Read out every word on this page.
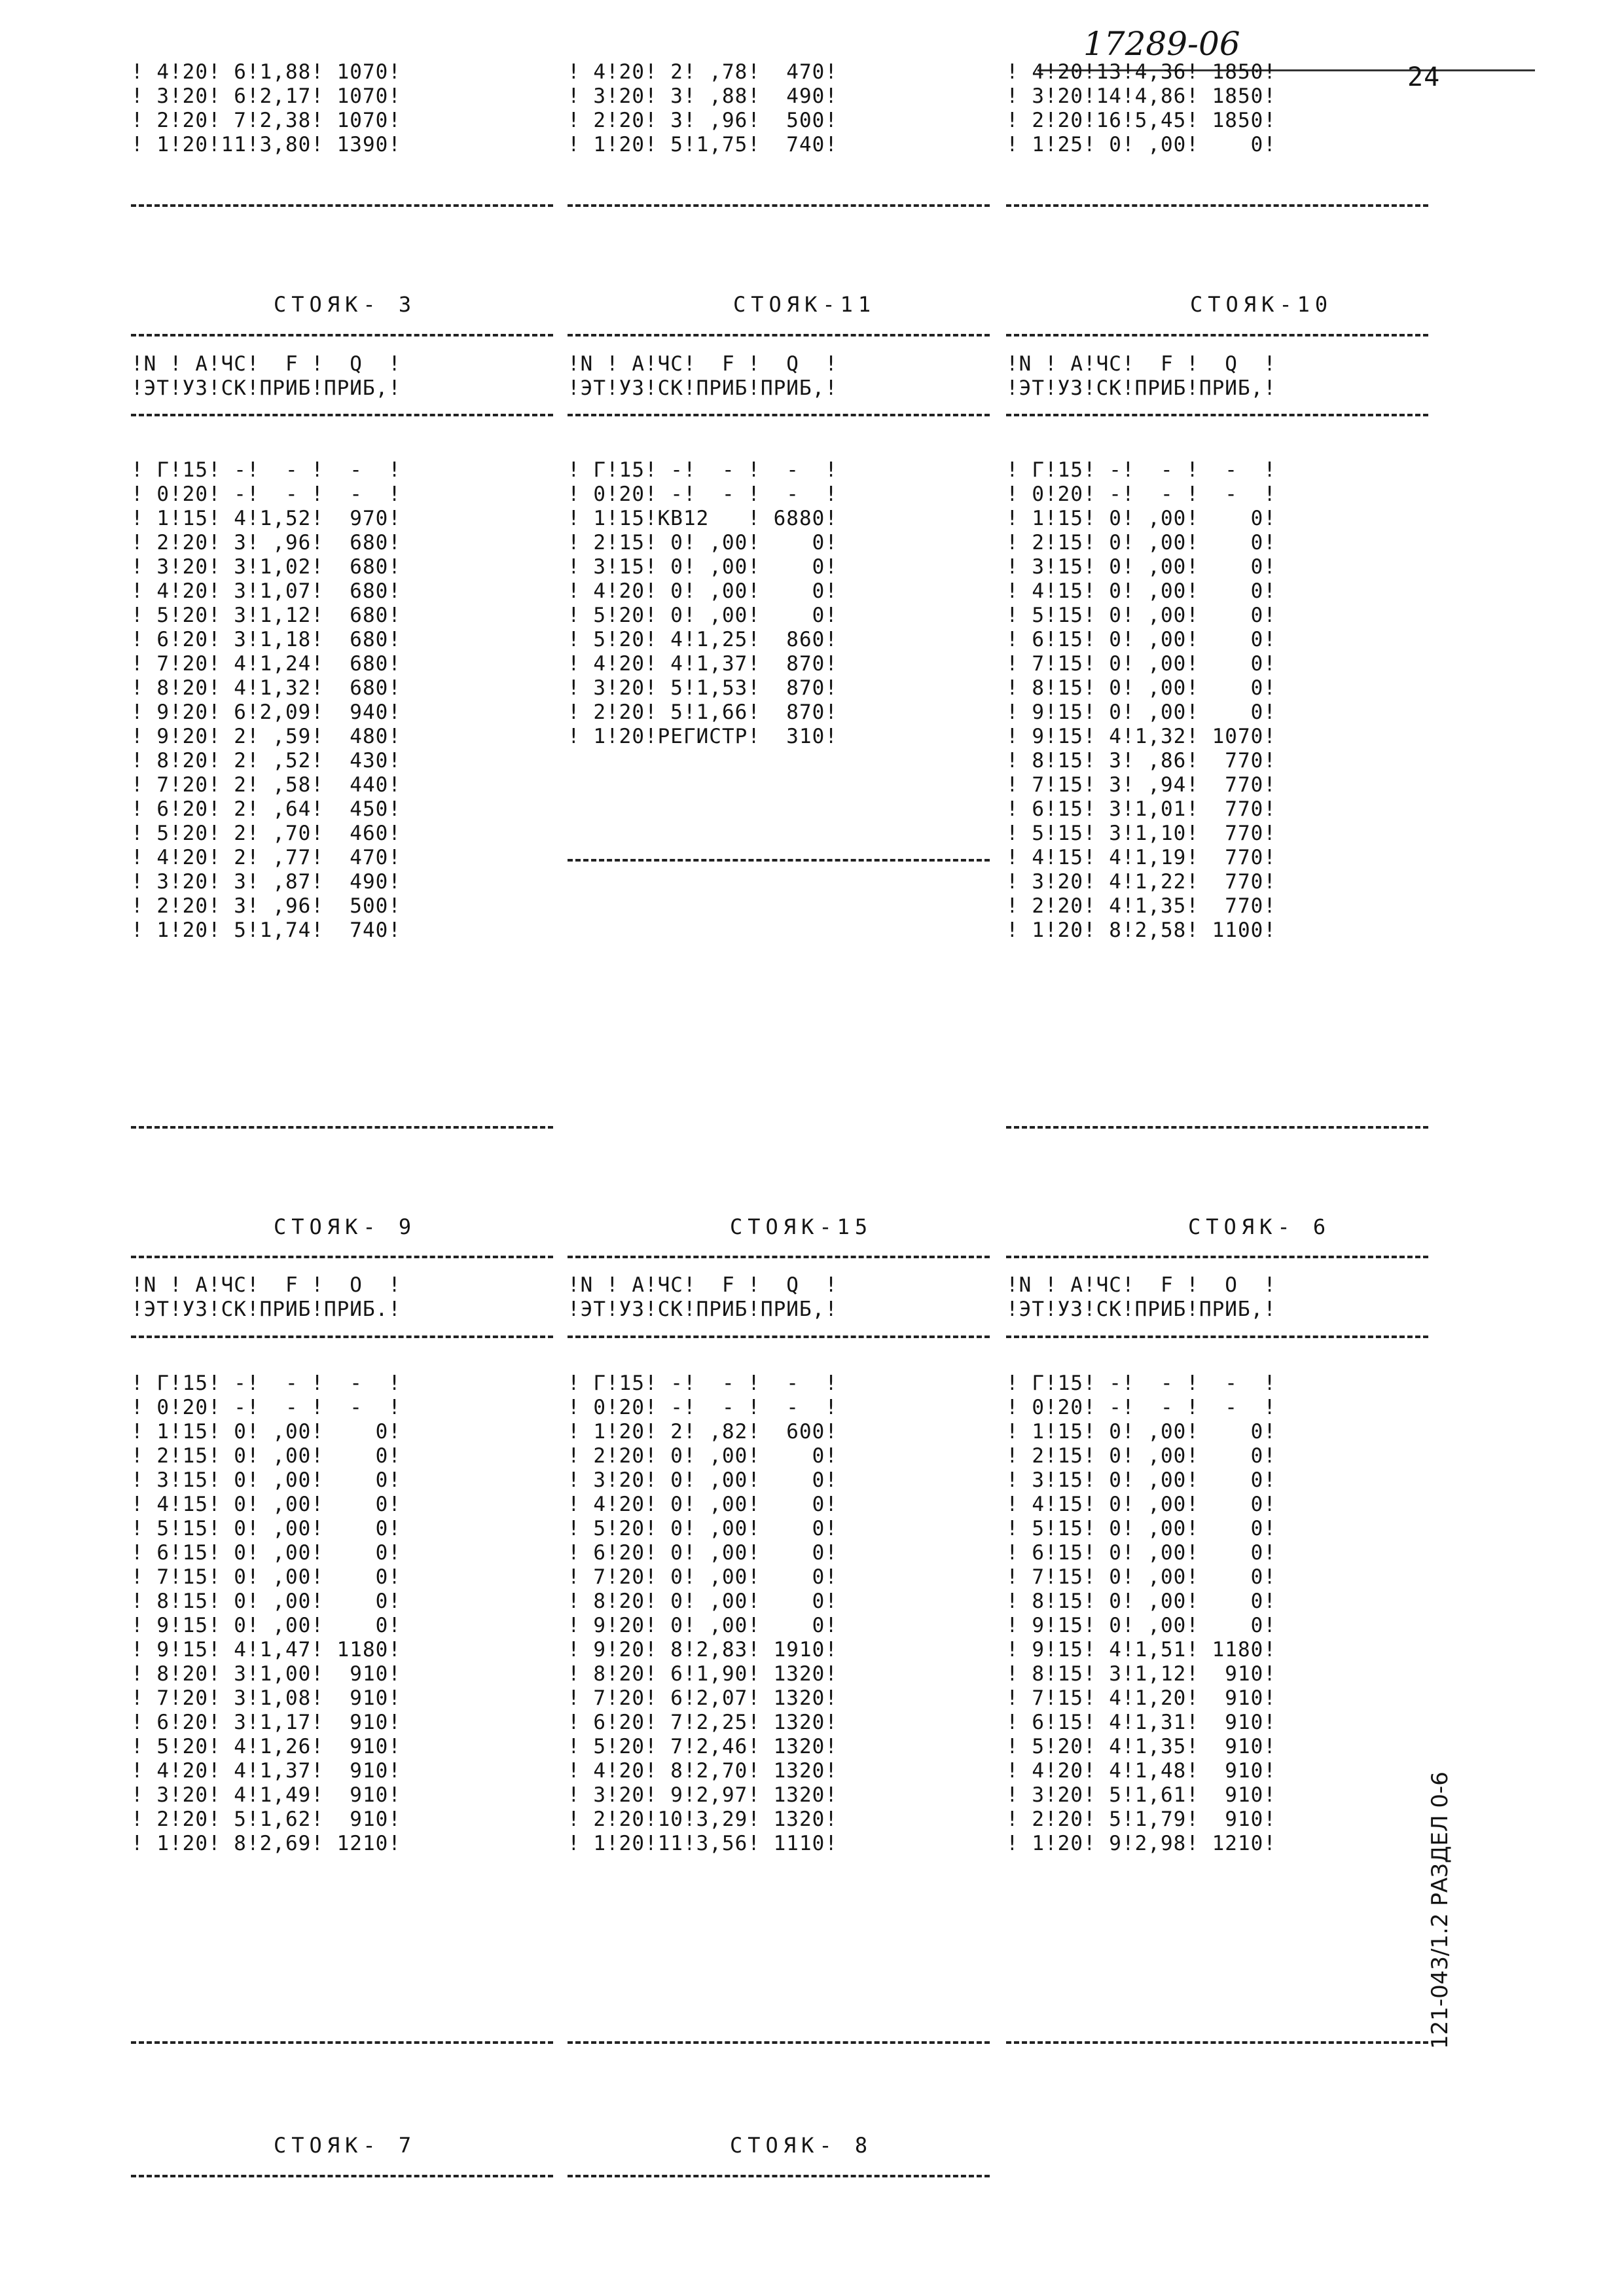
17289-06
24
! 4!20! 6!1,88! 1070!
! 3!20! 6!2,17! 1070!
! 2!20! 7!2,38! 1070!
! 1!20!11!3,80! 1390!
! 4!20! 2! ,78!  470!
! 3!20! 3! ,88!  490!
! 2!20! 3! ,96!  500!
! 1!20! 5!1,75!  740!
! 4!20!13!4,36! 1850!
! 3!20!14!4,86! 1850!
! 2!20!16!5,45! 1850!
! 1!25! 0! ,00!    0!
СТОЯК- 3	СТОЯК-11	СТОЯК-10
!N ! А!ЧС!  F !  Q  !
!ЭТ!УЗ!СК!ПРИБ!ПРИБ,!
!N ! А!ЧС!  F !  Q  !
!ЭТ!УЗ!СК!ПРИБ!ПРИБ,!
!N ! А!ЧС!  F !  Q  !
!ЭТ!УЗ!СК!ПРИБ!ПРИБ,!
! Г!15! -!  - !  -  !
! 0!20! -!  - !  -  !
! 1!15! 4!1,52!  970!
! 2!20! 3! ,96!  680!
! 3!20! 3!1,02!  680!
! 4!20! 3!1,07!  680!
! 5!20! 3!1,12!  680!
! 6!20! 3!1,18!  680!
! 7!20! 4!1,24!  680!
! 8!20! 4!1,32!  680!
! 9!20! 6!2,09!  940!
! 9!20! 2! ,59!  480!
! 8!20! 2! ,52!  430!
! 7!20! 2! ,58!  440!
! 6!20! 2! ,64!  450!
! 5!20! 2! ,70!  460!
! 4!20! 2! ,77!  470!
! 3!20! 3! ,87!  490!
! 2!20! 3! ,96!  500!
! 1!20! 5!1,74!  740!
! Г!15! -!  - !  -  !
! 0!20! -!  - !  -  !
! 1!15!КВ12   ! 6880!
! 2!15! 0! ,00!    0!
! 3!15! 0! ,00!    0!
! 4!20! 0! ,00!    0!
! 5!20! 0! ,00!    0!
! 5!20! 4!1,25!  860!
! 4!20! 4!1,37!  870!
! 3!20! 5!1,53!  870!
! 2!20! 5!1,66!  870!
! 1!20!РЕГИСТР!  310!
! Г!15! -!  - !  -  !
! 0!20! -!  - !  -  !
! 1!15! 0! ,00!    0!
! 2!15! 0! ,00!    0!
! 3!15! 0! ,00!    0!
! 4!15! 0! ,00!    0!
! 5!15! 0! ,00!    0!
! 6!15! 0! ,00!    0!
! 7!15! 0! ,00!    0!
! 8!15! 0! ,00!    0!
! 9!15! 0! ,00!    0!
! 9!15! 4!1,32! 1070!
! 8!15! 3! ,86!  770!
! 7!15! 3! ,94!  770!
! 6!15! 3!1,01!  770!
! 5!15! 3!1,10!  770!
! 4!15! 4!1,19!  770!
! 3!20! 4!1,22!  770!
! 2!20! 4!1,35!  770!
! 1!20! 8!2,58! 1100!
СТОЯК- 9	СТОЯК-15	СТОЯК- 6
!N ! А!ЧС!  F !  О  !
!ЭТ!УЗ!СК!ПРИБ!ПРИБ.!
!N ! А!ЧС!  F !  Q  !
!ЭТ!УЗ!СК!ПРИБ!ПРИБ,!
!N ! А!ЧС!  F !  О  !
!ЭТ!УЗ!СК!ПРИБ!ПРИБ,!
! Г!15! -!  - !  -  !
! 0!20! -!  - !  -  !
! 1!15! 0! ,00!    0!
! 2!15! 0! ,00!    0!
! 3!15! 0! ,00!    0!
! 4!15! 0! ,00!    0!
! 5!15! 0! ,00!    0!
! 6!15! 0! ,00!    0!
! 7!15! 0! ,00!    0!
! 8!15! 0! ,00!    0!
! 9!15! 0! ,00!    0!
! 9!15! 4!1,47! 1180!
! 8!20! 3!1,00!  910!
! 7!20! 3!1,08!  910!
! 6!20! 3!1,17!  910!
! 5!20! 4!1,26!  910!
! 4!20! 4!1,37!  910!
! 3!20! 4!1,49!  910!
! 2!20! 5!1,62!  910!
! 1!20! 8!2,69! 1210!
! Г!15! -!  - !  -  !
! 0!20! -!  - !  -  !
! 1!20! 2! ,82!  600!
! 2!20! 0! ,00!    0!
! 3!20! 0! ,00!    0!
! 4!20! 0! ,00!    0!
! 5!20! 0! ,00!    0!
! 6!20! 0! ,00!    0!
! 7!20! 0! ,00!    0!
! 8!20! 0! ,00!    0!
! 9!20! 0! ,00!    0!
! 9!20! 8!2,83! 1910!
! 8!20! 6!1,90! 1320!
! 7!20! 6!2,07! 1320!
! 6!20! 7!2,25! 1320!
! 5!20! 7!2,46! 1320!
! 4!20! 8!2,70! 1320!
! 3!20! 9!2,97! 1320!
! 2!20!10!3,29! 1320!
! 1!20!11!3,56! 1110!
! Г!15! -!  - !  -  !
! 0!20! -!  - !  -  !
! 1!15! 0! ,00!    0!
! 2!15! 0! ,00!    0!
! 3!15! 0! ,00!    0!
! 4!15! 0! ,00!    0!
! 5!15! 0! ,00!    0!
! 6!15! 0! ,00!    0!
! 7!15! 0! ,00!    0!
! 8!15! 0! ,00!    0!
! 9!15! 0! ,00!    0!
! 9!15! 4!1,51! 1180!
! 8!15! 3!1,12!  910!
! 7!15! 4!1,20!  910!
! 6!15! 4!1,31!  910!
! 5!20! 4!1,35!  910!
! 4!20! 4!1,48!  910!
! 3!20! 5!1,61!  910!
! 2!20! 5!1,79!  910!
! 1!20! 9!2,98! 1210!	121-043/1.2 РАЗДЕЛ 0-6
СТОЯК- 7	СТОЯК- 8
